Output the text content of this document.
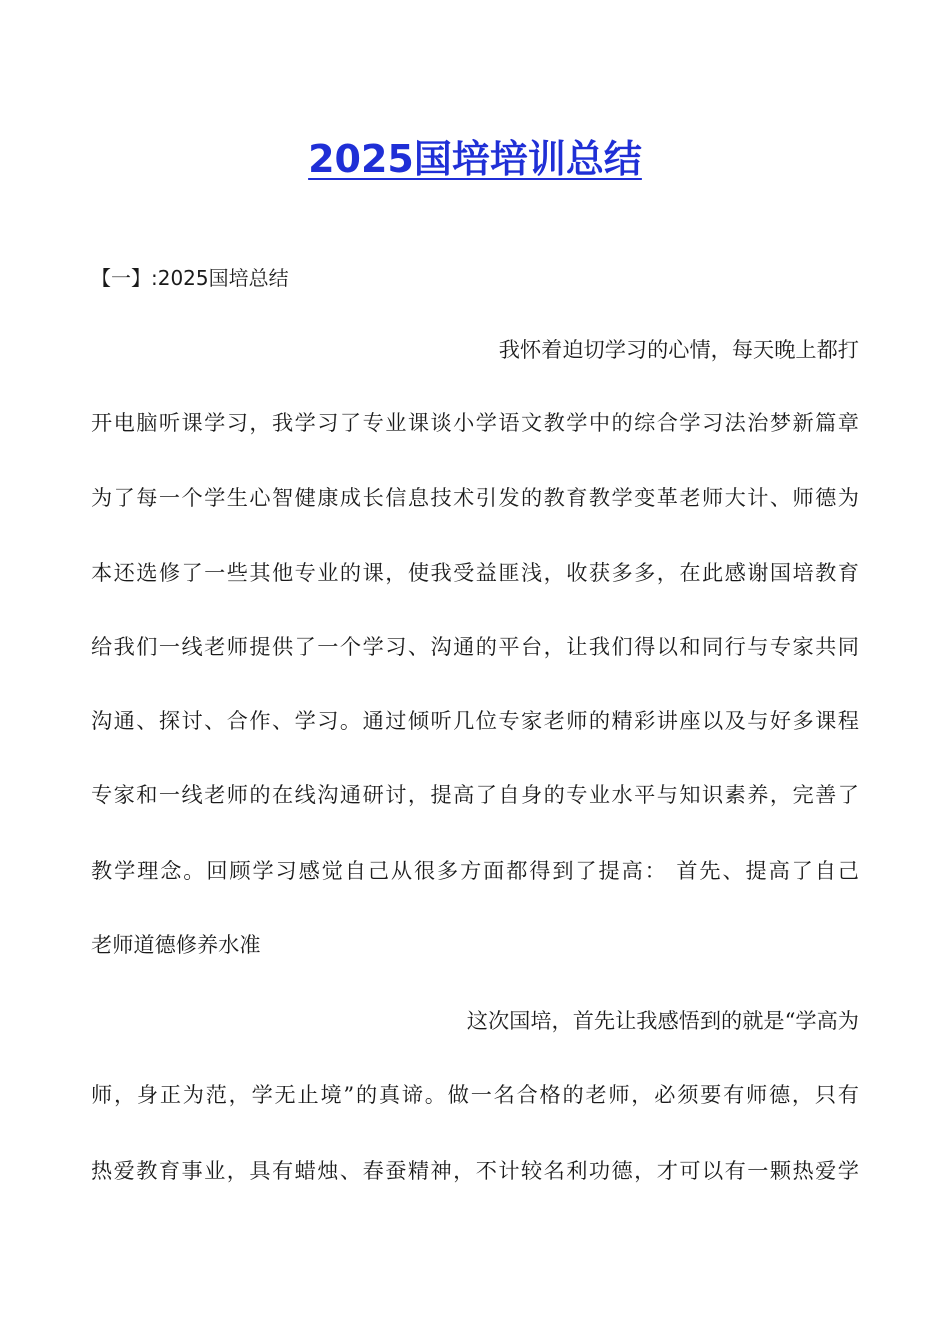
2025国培培训总结
【一】:2025国培总结
我怀着迫切学习的心情，每天晚上都打
开电脑听课学习，我学习了专业课谈小学语文教学中的综合学习法治梦新篇章
为了每一个学生心智健康成长信息技术引发的教育教学变革老师大计、师德为
本还选修了一些其他专业的课，使我受益匪浅，收获多多，在此感谢国培教育
给我们一线老师提供了一个学习、沟通的平台，让我们得以和同行与专家共同
沟通、探讨、合作、学习。通过倾听几位专家老师的精彩讲座以及与好多课程
专家和一线老师的在线沟通研讨，提高了自身的专业水平与知识素养，完善了
教学理念。回顾学习感觉自己从很多方面都得到了提高： 首先、提高了自己
老师道德修养水准
这次国培，首先让我感悟到的就是“学高为
师，身正为范，学无止境”的真谛。做一名合格的老师，必须要有师德，只有
热爱教育事业，具有蜡烛、春蚕精神，不计较名利功德，才可以有一颗热爱学
